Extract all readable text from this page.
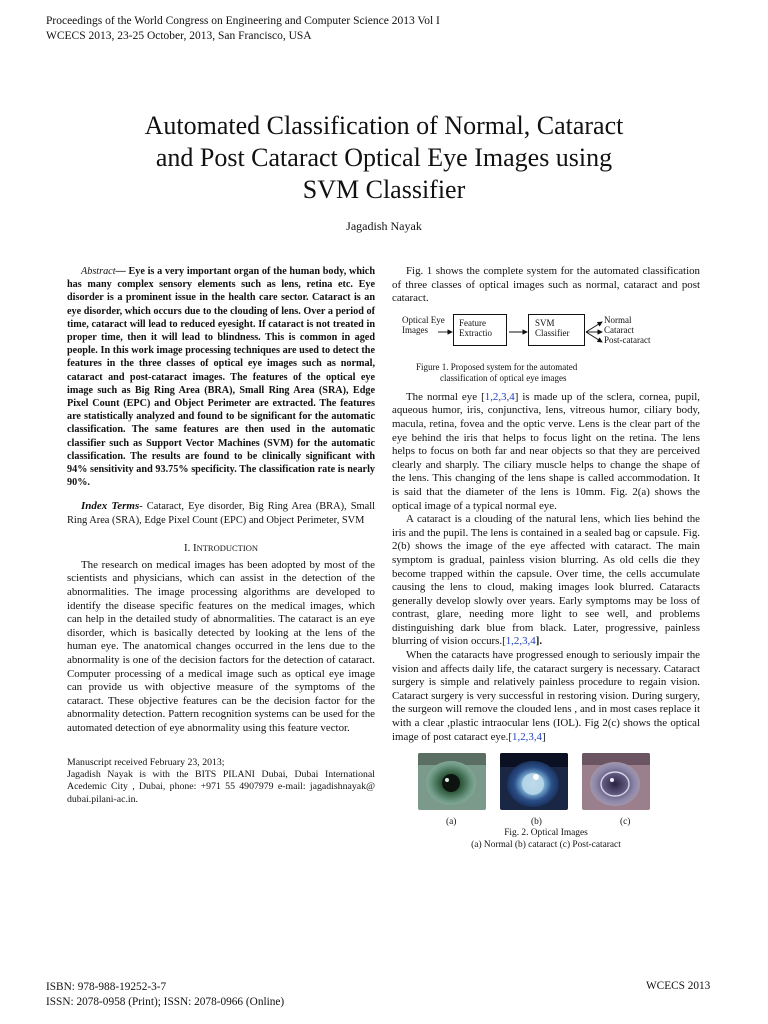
Proceedings of the World Congress on Engineering and Computer Science 2013 Vol I
WCECS 2013, 23-25 October, 2013, San Francisco, USA
Automated Classification of Normal, Cataract
and Post Cataract Optical Eye Images using
SVM Classifier
Jagadish Nayak

Abstract— Eye is a very important organ of the human body, which has many complex sensory elements such as lens, retina etc. Eye disorder is a prominent issue in the health care sector. Cataract is an eye disorder, which occurs due to the clouding of lens. Over a period of time, cataract will lead to reduced eyesight. If cataract is not treated in proper time, then it will lead to blindness. This is common in aged people. In this work image processing techniques are used to detect the features in the three classes of optical eye images such as normal, cataract and post-cataract images. The features of the optical eye image such as Big Ring Area (BRA), Small Ring Area (SRA), Edge Pixel Count (EPC) and Object Perimeter are extracted. The features are statistically analyzed and found to be significant for the automatic classification. The same features are then used in the automatic classifier such as Support Vector Machines (SVM) for the automatic classification. The results are found to be clinically significant with 94% sensitivity and 93.75% specificity. The classification rate is nearly 90%.

Index Terms- Cataract, Eye disorder, Big Ring Area (BRA), Small Ring Area (SRA), Edge Pixel Count (EPC) and Object Perimeter, SVM

I. INTRODUCTION

The research on medical images has been adopted by most of the scientists and physicians, which can assist in the detection of the abnormalities. The image processing algorithms are developed to identify the disease specific features on the medical images, which can help in the detailed study of abnormalities. The cataract is an eye disorder, which is basically detected by looking at the lens of the human eye. The anatomical changes occurred in the lens due to the abnormality is one of the decision factors for the detection of cataract. Computer processing of a medical image such as optical eye image can provide us with objective measure of the symptoms of the cataract. These objective features can be the decision factor for the abnormality detection. Pattern recognition systems can be used for the automated detection of eye abnormality using this feature vector.

Manuscript received February 23, 2013;
Jagadish Nayak is with the BITS PILANI Dubai, Dubai International Acedemic City , Dubai, phone: +971 55 4907979 e-mail: jagadishnayak@ dubai.pilani-ac.in.

Fig. 1 shows the complete system for the automated classification of three classes of optical images such as normal, cataract and post cataract.

Optical Eye
Images
Feature
Extractio
SVM
Classifier
Normal
Cataract
Post-cataract
Figure 1. Proposed system for the automated
classification of optical eye images

The normal eye [1,2,3,4] is made up of the sclera, cornea, pupil, aqueous humor, iris, conjunctiva, lens, vitreous humor, ciliary body, macula, retina, fovea and the optic verve. Lens is the clear part of the eye behind the iris that helps to focus light on the retina. The lens helps to focus on both far and near objects so that they are perceived clearly and sharply. The ciliary muscle helps to change the shape of the lens. This changing of the lens shape is called accommodation. It is said that the diameter of the lens is 10mm. Fig. 2(a) shows the optical image of a typical normal eye.

A cataract is a clouding of the natural lens, which lies behind the iris and the pupil. The lens is contained in a sealed bag or capsule. Fig. 2(b) shows the image of the eye affected with cataract. The main symptom is gradual, painless vision blurring. As old cells die they become trapped within the capsule. Over time, the cells accumulate causing the lens to cloud, making images look blurred. Cataracts generally develop slowly over years. Early symptoms may be loss of contrast, glare, needing more light to see well, and problems distinguishing dark blue from black. Later, progressive, painless blurring of vision occurs.[1,2,3,4].

When the cataracts have progressed enough to seriously impair the vision and affects daily life, the cataract surgery is necessary. Cataract surgery is simple and relatively painless procedure to regain vision. Cataract surgery is very successful in restoring vision. During surgery, the surgeon will remove the clouded lens , and in most cases replace it with a clear ,plastic intraocular lens (IOL). Fig 2(c) shows the optical image of post cataract eye.[1,2,3,4]

(a)	(b)	(c)
Fig. 2. Optical Images
(a) Normal (b) cataract (c) Post-cataract
ISBN: 978-988-19252-3-7
ISSN: 2078-0958 (Print); ISSN: 2078-0966 (Online)
WCECS 2013
